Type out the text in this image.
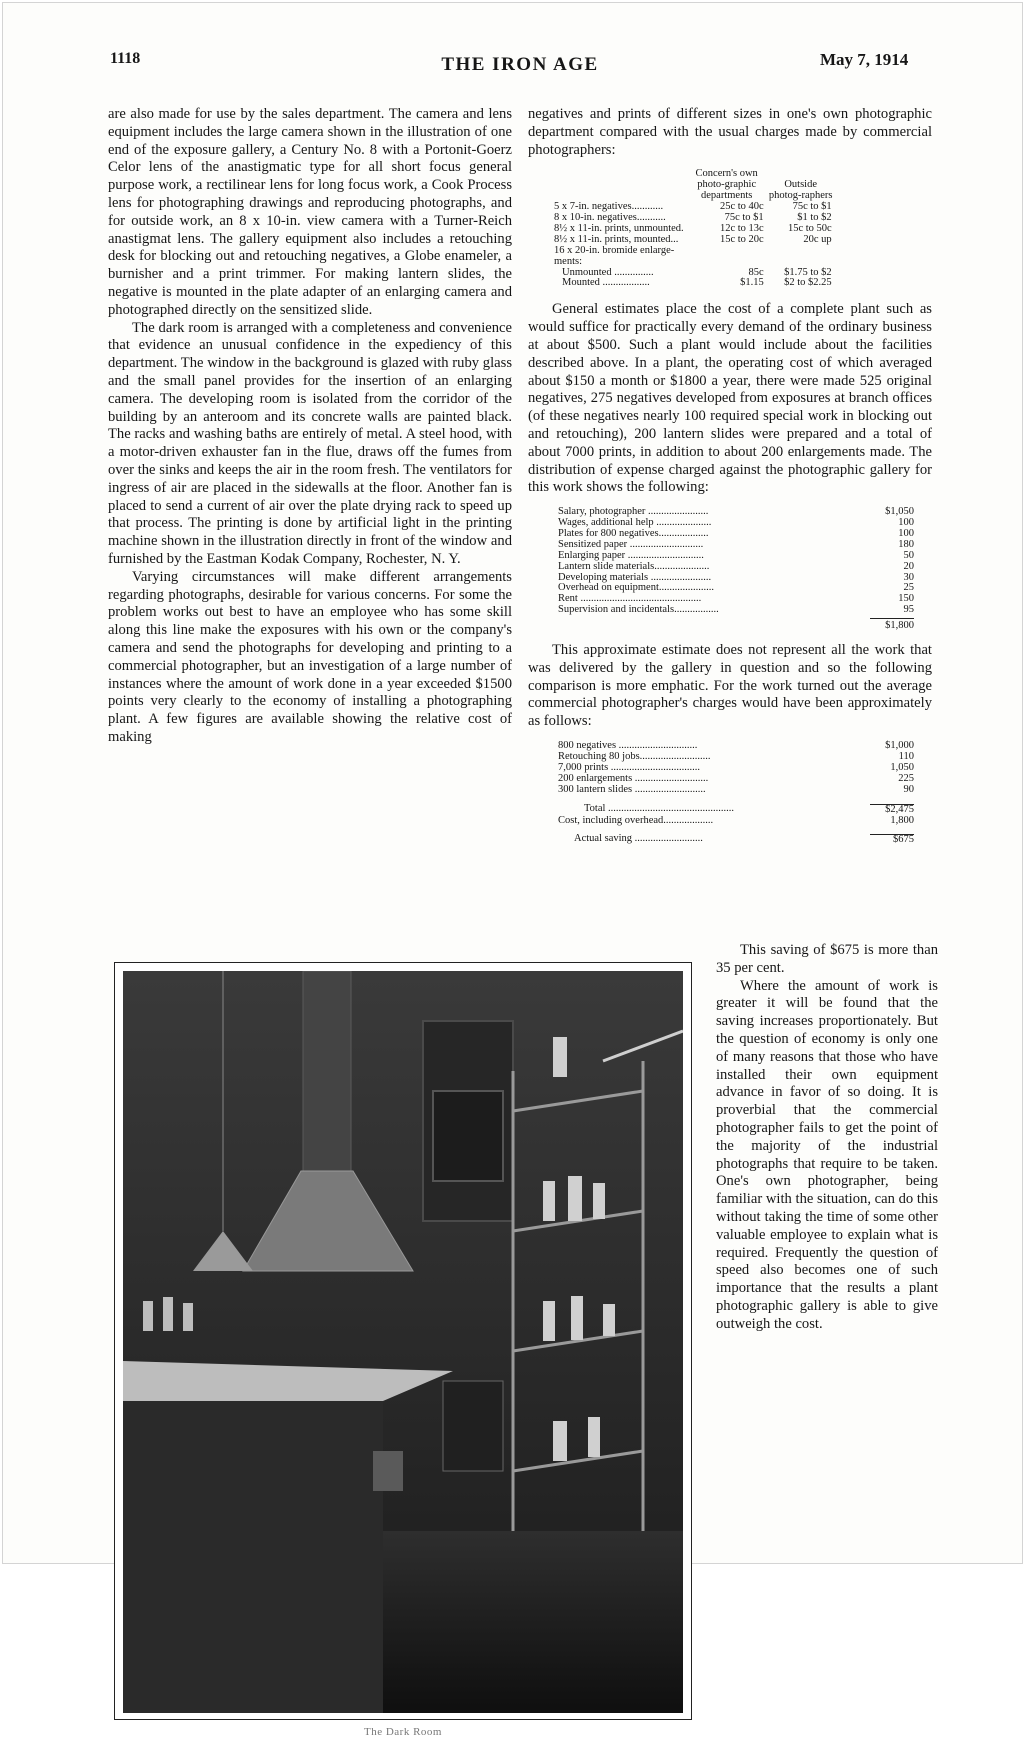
1118	THE IRON AGE	May 7, 1914

are also made for use by the sales department. The camera and lens equipment includes the large camera shown in the illustration of one end of the exposure gallery, a Century No. 8 with a Portonit-Goerz Celor lens of the anastigmatic type for all short focus general purpose work, a rectilinear lens for long focus work, a Cook Process lens for photographing drawings and reproducing photographs, and for outside work, an 8 x 10-in. view camera with a Turner-Reich anastigmat lens. The gallery equipment also includes a retouching desk for blocking out and retouching negatives, a Globe enameler, a burnisher and a print trimmer. For making lantern slides, the negative is mounted in the plate adapter of an enlarging camera and photographed directly on the sensitized slide.

The dark room is arranged with a completeness and convenience that evidence an unusual confidence in the expediency of this department. The window in the background is glazed with ruby glass and the small panel provides for the insertion of an enlarging camera. The developing room is isolated from the corridor of the building by an anteroom and its concrete walls are painted black. The racks and washing baths are entirely of metal. A steel hood, with a motor-driven exhauster fan in the flue, draws off the fumes from over the sinks and keeps the air in the room fresh. The ventilators for ingress of air are placed in the sidewalls at the floor. Another fan is placed to send a current of air over the plate drying rack to speed up that process. The printing is done by artificial light in the printing machine shown in the illustration directly in front of the window and furnished by the Eastman Kodak Company, Rochester, N. Y.

Varying circumstances will make different arrangements regarding photographs, desirable for various concerns. For some the problem works out best to have an employee who has some skill along this line make the exposures with his own or the company's camera and send the photographs for developing and printing to a commercial photographer, but an investigation of a large number of instances where the amount of work done in a year exceeded $1500 points very clearly to the economy of installing a photographing plant. A few figures are available showing the relative cost of making

negatives and prints of different sizes in one's own photographic department compared with the usual charges made by commercial photographers:

	Concern's own photo-graphic departments	Outside photog-raphers
5 x 7-in. negatives............	25c to 40c	75c to $1
8 x 10-in. negatives...........	75c to $1	$1 to $2
8½ x 11-in. prints, unmounted.	12c to 13c	15c to 50c
8½ x 11-in. prints, mounted...	15c to 20c	20c up
16 x 20-in. bromide enlarge-		
ments:		
Unmounted ...............	85c	$1.75 to $2
Mounted ..................	$1.15	$2 to $2.25

General estimates place the cost of a complete plant such as would suffice for practically every demand of the ordinary business at about $500. Such a plant would include about the facilities described above. In a plant, the operating cost of which averaged about $150 a month or $1800 a year, there were made 525 original negatives, 275 negatives developed from exposures at branch offices (of these negatives nearly 100 required special work in blocking out and retouching), 200 lantern slides were prepared and a total of about 7000 prints, in addition to about 200 enlargements made. The distribution of expense charged against the photographic gallery for this work shows the following:

Salary, photographer .......................	$1,050
Wages, additional help .....................	100
Plates for 800 negatives...................	100
Sensitized paper ............................	180
Enlarging paper .............................	50
Lantern slide materials.....................	20
Developing materials .......................	30
Overhead on equipment.....................	25
Rent ..............................................	150
Supervision and incidentals.................	95
$1,800

This approximate estimate does not represent all the work that was delivered by the gallery in question and so the following comparison is more emphatic. For the work turned out the average commercial photographer's charges would have been approximately as follows:

800 negatives ..............................	$1,000
Retouching 80 jobs...........................	110
7,000 prints ..................................	1,050
200 enlargements ............................	225
300 lantern slides ...........................	90
Total ................................................	$2,475
Cost, including overhead...................	1,800
Actual saving ..........................	$675

This saving of $675 is more than 35 per cent.

Where the amount of work is greater it will be found that the saving increases proportionately. But the question of economy is only one of many reasons that those who have installed their own equipment advance in favor of so doing. It is proverbial that the commercial photographer fails to get the point of the majority of the industrial photographs that require to be taken. One's own photographer, being familiar with the situation, can do this without taking the time of some other valuable employee to explain what is required. Frequently the question of speed also becomes one of such importance that the results a plant photographic gallery is able to give outweigh the cost.

The Dark Room
